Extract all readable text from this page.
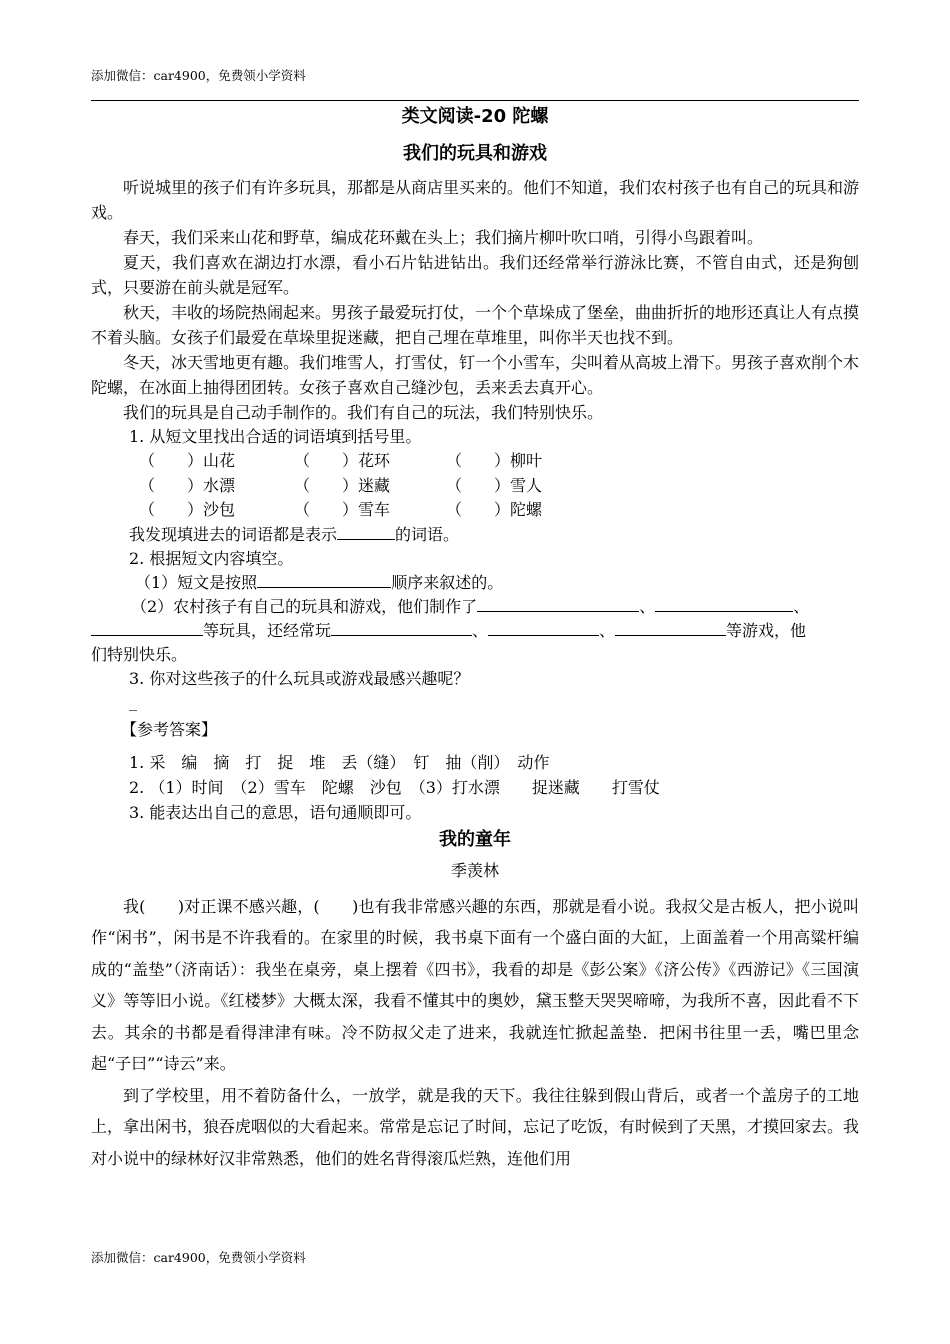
添加微信：car4900，免费领小学资料
类文阅读-20 陀螺
我们的玩具和游戏

听说城里的孩子们有许多玩具，那都是从商店里买来的。他们不知道，我们农村孩子也有自己的玩具和游戏。

春天，我们采来山花和野草，编成花环戴在头上；我们摘片柳叶吹口哨，引得小鸟跟着叫。

夏天，我们喜欢在湖边打水漂，看小石片钻进钻出。我们还经常举行游泳比赛，不管自由式，还是狗刨式，只要游在前头就是冠军。

秋天，丰收的场院热闹起来。男孩子最爱玩打仗，一个个草垛成了堡垒，曲曲折折的地形还真让人有点摸不着头脑。女孩子们最爱在草垛里捉迷藏，把自己埋在草堆里，叫你半天也找不到。

冬天，冰天雪地更有趣。我们堆雪人，打雪仗，钉一个小雪车，尖叫着从高坡上滑下。男孩子喜欢削个木陀螺，在冰面上抽得团团转。女孩子喜欢自己缝沙包，丢来丢去真开心。

我们的玩具是自己动手制作的。我们有自己的玩法，我们特别快乐。

1. 从短文里找出合适的词语填到括号里。

（　　）山花	（　　）花环	（　　）柳叶
（　　）水漂	（　　）迷藏	（　　）雪人
（　　）沙包	（　　）雪车	（　　）陀螺

我发现填进去的词语都是表示	的词语。

2. 根据短文内容填空。

（1）短文是按照	顺序来叙述的。

（2）农村孩子有自己的玩具和游戏，他们制作了	、	、

等玩具，还经常玩	、	、	等游戏，他

们特别快乐。

3. 你对这些孩子的什么玩具或游戏最感兴趣呢？

_

【参考答案】

1. 采　编　摘　打　捉　堆　丢（缝）　钉　抽（削）　动作

2. （1）时间　（2）雪车　陀螺　沙包　（3）打水漂　　捉迷藏　　打雪仗

3. 能表达出自己的意思，语句通顺即可。

我的童年
季羡林

我(　　)对正课不感兴趣，(　　)也有我非常感兴趣的东西，那就是看小说。我叔父是古板人，把小说叫作“闲书”，闲书是不许我看的。在家里的时候，我书桌下面有一个盛白面的大缸，上面盖着一个用高粱杆编成的“盖垫”（济南话）：我坐在桌旁，桌上摆着《四书》，我看的却是《彭公案》《济公传》《西游记》《三国演义》等等旧小说。《红楼梦》大概太深，我看不懂其中的奥妙，黛玉整天哭哭啼啼，为我所不喜，因此看不下去。其余的书都是看得津津有味。冷不防叔父走了进来，我就连忙掀起盖垫．把闲书往里一丢，嘴巴里念起“子曰”“诗云”来。

到了学校里，用不着防备什么，一放学，就是我的天下。我往往躲到假山背后，或者一个盖房子的工地上，拿出闲书，狼吞虎咽似的大看起来。常常是忘记了时间，忘记了吃饭，有时候到了天黑，才摸回家去。我对小说中的绿林好汉非常熟悉，他们的姓名背得滚瓜烂熟，连他们用

添加微信：car4900，免费领小学资料
